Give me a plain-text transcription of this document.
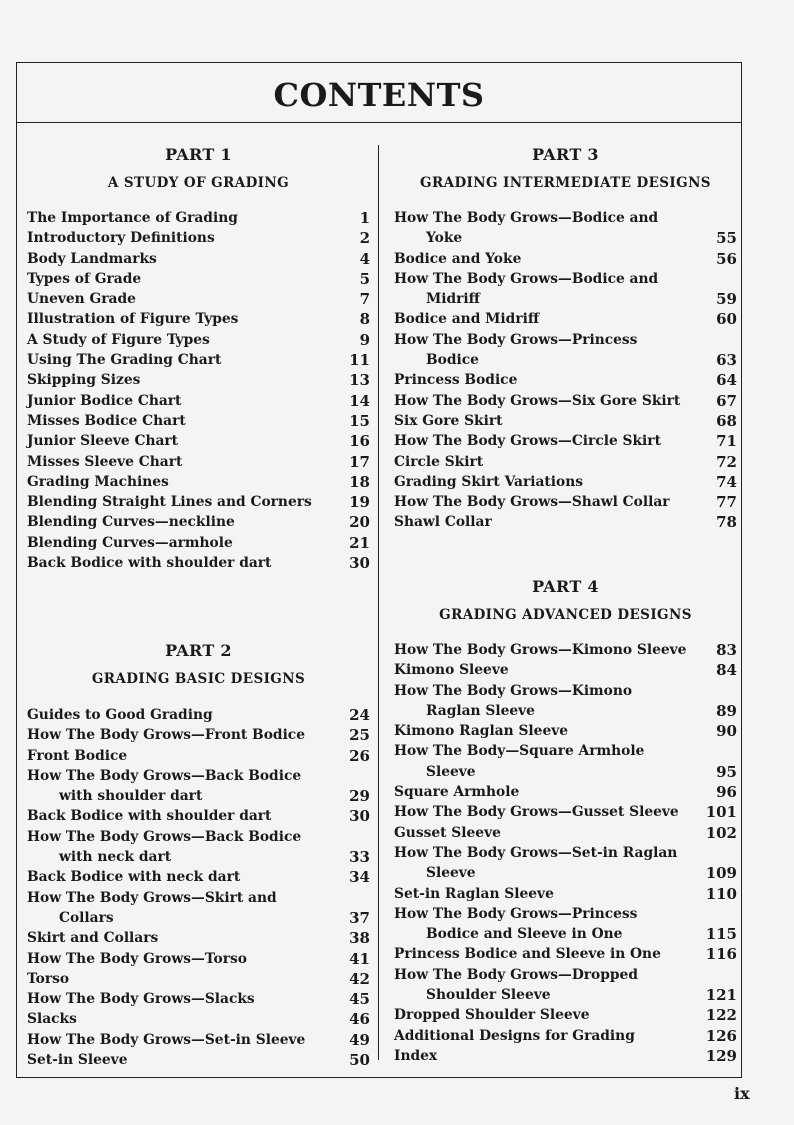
CONTENTS
PART 1
A STUDY OF GRADING
The Importance of Grading	1
Introductory Definitions	2
Body Landmarks	4
Types of Grade	5
Uneven Grade	7
Illustration of Figure Types	8
A Study of Figure Types	9
Using The Grading Chart	11
Skipping Sizes	13
Junior Bodice Chart	14
Misses Bodice Chart	15
Junior Sleeve Chart	16
Misses Sleeve Chart	17
Grading Machines	18
Blending Straight Lines and Corners	19
Blending Curves—neckline	20
Blending Curves—armhole	21
Back Bodice with shoulder dart	30
PART 2
GRADING BASIC DESIGNS
Guides to Good Grading	24
How The Body Grows—Front Bodice	25
Front Bodice	26
How The Body Grows—Back Bodice
with shoulder dart	29
Back Bodice with shoulder dart	30
How The Body Grows—Back Bodice
with neck dart	33
Back Bodice with neck dart	34
How The Body Grows—Skirt and
Collars	37
Skirt and Collars	38
How The Body Grows—Torso	41
Torso	42
How The Body Grows—Slacks	45
Slacks	46
How The Body Grows—Set-in Sleeve	49
Set-in Sleeve	50
PART 3
GRADING INTERMEDIATE DESIGNS
How The Body Grows—Bodice and
Yoke	55
Bodice and Yoke	56
How The Body Grows—Bodice and
Midriff	59
Bodice and Midriff	60
How The Body Grows—Princess
Bodice	63
Princess Bodice	64
How The Body Grows—Six Gore Skirt	67
Six Gore Skirt	68
How The Body Grows—Circle Skirt	71
Circle Skirt	72
Grading Skirt Variations	74
How The Body Grows—Shawl Collar	77
Shawl Collar	78
PART 4
GRADING ADVANCED DESIGNS
How The Body Grows—Kimono Sleeve	83
Kimono Sleeve	84
How The Body Grows—Kimono
Raglan Sleeve	89
Kimono Raglan Sleeve	90
How The Body—Square Armhole
Sleeve	95
Square Armhole	96
How The Body Grows—Gusset Sleeve	101
Gusset Sleeve	102
How The Body Grows—Set-in Raglan
Sleeve	109
Set-in Raglan Sleeve	110
How The Body Grows—Princess
Bodice and Sleeve in One	115
Princess Bodice and Sleeve in One	116
How The Body Grows—Dropped
Shoulder Sleeve	121
Dropped Shoulder Sleeve	122
Additional Designs for Grading	126
Index	129
ix
